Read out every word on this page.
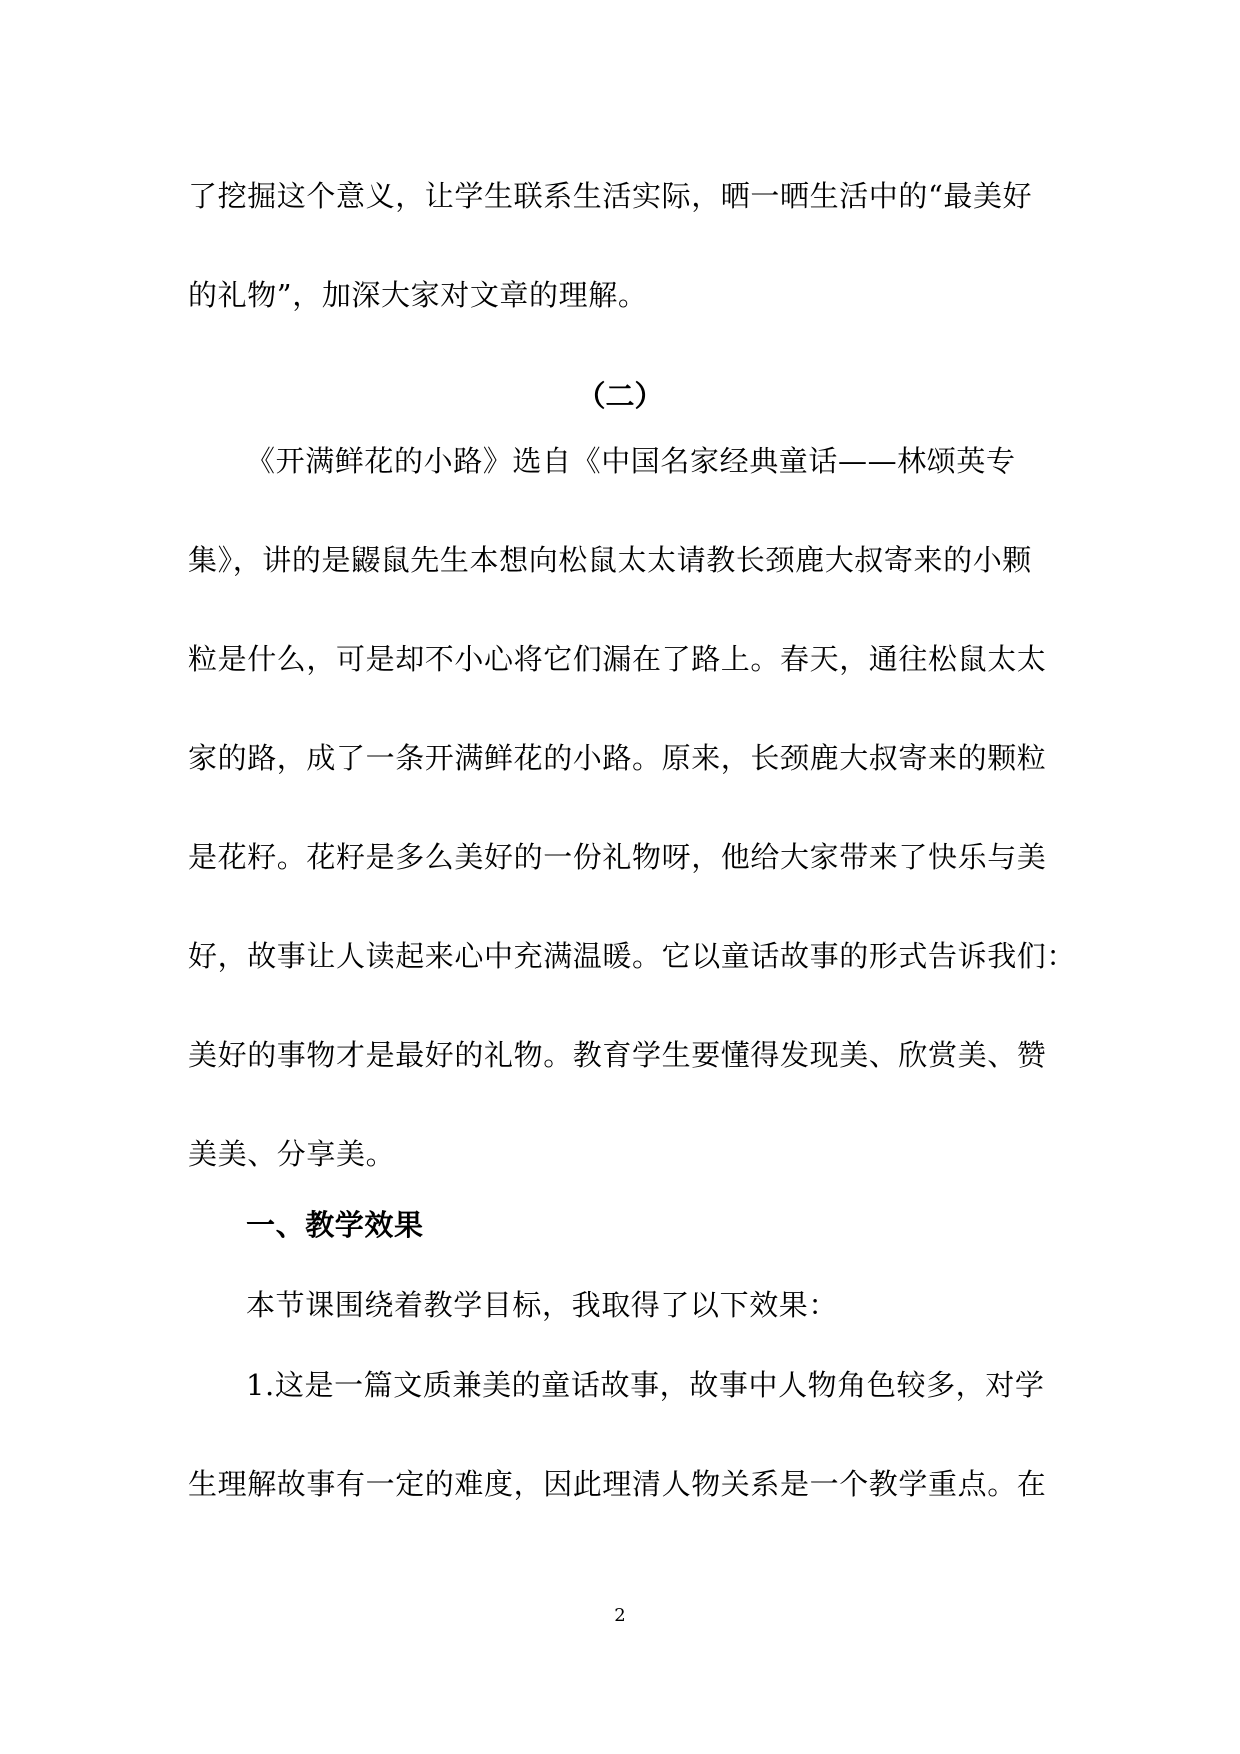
了挖掘这个意义，让学生联系生活实际，晒一晒生活中的“最美好
的礼物”，加深大家对文章的理解。
（二）
《开满鲜花的小路》选自《中国名家经典童话——林颂英专
集》，讲的是鼹鼠先生本想向松鼠太太请教长颈鹿大叔寄来的小颗
粒是什么，可是却不小心将它们漏在了路上。春天，通往松鼠太太
家的路，成了一条开满鲜花的小路。原来，长颈鹿大叔寄来的颗粒
是花籽。花籽是多么美好的一份礼物呀，他给大家带来了快乐与美
好，故事让人读起来心中充满温暖。它以童话故事的形式告诉我们：
美好的事物才是最好的礼物。教育学生要懂得发现美、欣赏美、赞
美美、分享美。
一、教学效果
本节课围绕着教学目标，我取得了以下效果：
1.这是一篇文质兼美的童话故事，故事中人物角色较多，对学
生理解故事有一定的难度，因此理清人物关系是一个教学重点。在
2
